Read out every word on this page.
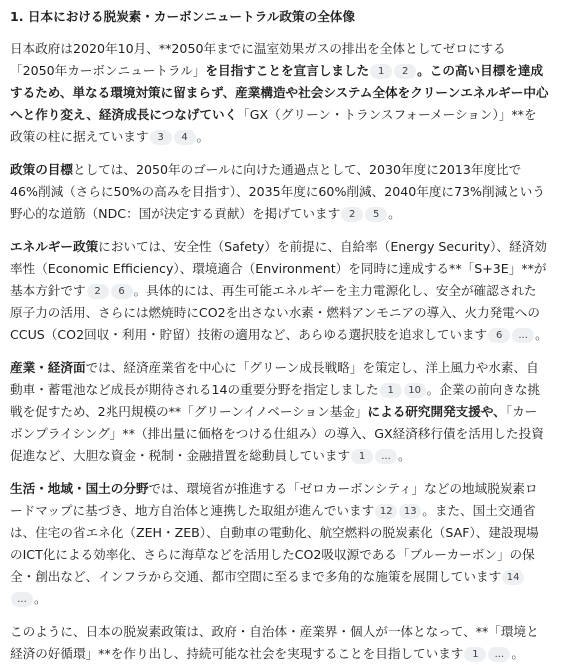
1. 日本における脱炭素・カーボンニュートラル政策の全体像

日本政府は2020年10月、**2050年までに温室効果ガスの排出を全体としてゼロにする「2050年カーボンニュートラル」を目指すことを宣言しました 1 2 。この高い目標を達成するため、単なる環境対策に留まらず、産業構造や社会システム全体をクリーンエネルギー中心へと作り変え、経済成長につなげていく「GX（グリーン・トランスフォーメーション）」**を政策の柱に据えています 3 4 。

政策の目標としては、2050年のゴールに向けた通過点として、2030年度に2013年度比で46%削減（さらに50%の高みを目指す）、2035年度に60%削減、2040年度に73%削減という野心的な道筋（NDC：国が決定する貢献）を掲げています 2 5 。

エネルギー政策においては、安全性（Safety）を前提に、自給率（Energy Security）、経済効率性（Economic Efficiency）、環境適合（Environment）を同時に達成する**「S+3E」**が基本方針です 2 6 。具体的には、再生可能エネルギーを主力電源化し、安全が確認された原子力の活用、さらには燃焼時にCO2を出さない水素・燃料アンモニアの導入、火力発電へのCCUS（CO2回収・利用・貯留）技術の適用など、あらゆる選択肢を追求しています 6 ... 。

産業・経済面では、経済産業省を中心に「グリーン成長戦略」を策定し、洋上風力や水素、自動車・蓄電池など成長が期待される14の重要分野を指定しました 1 10 。企業の前向きな挑戦を促すため、2兆円規模の**「グリーンイノベーション基金」による研究開発支援や、「カーボンプライシング」**（排出量に価格をつける仕組み）の導入、GX経済移行債を活用した投資促進など、大胆な資金・税制・金融措置を総動員しています 1 ... 。

生活・地域・国土の分野では、環境省が推進する「ゼロカーボンシティ」などの地域脱炭素ロードマップに基づき、地方自治体と連携した取組が進んでいます 12 13 。また、国土交通省は、住宅の省エネ化（ZEH・ZEB）、自動車の電動化、航空燃料の脱炭素化（SAF）、建設現場のICT化による効率化、さらに海草などを活用したCO2吸収源である「ブルーカーボン」の保全・創出など、インフラから交通、都市空間に至るまで多角的な施策を展開しています 14... 。

このように、日本の脱炭素政策は、政府・自治体・産業界・個人が一体となって、**「環境と経済の好循環」**を作り出し、持続可能な社会を実現することを目指しています 1 ... 。
